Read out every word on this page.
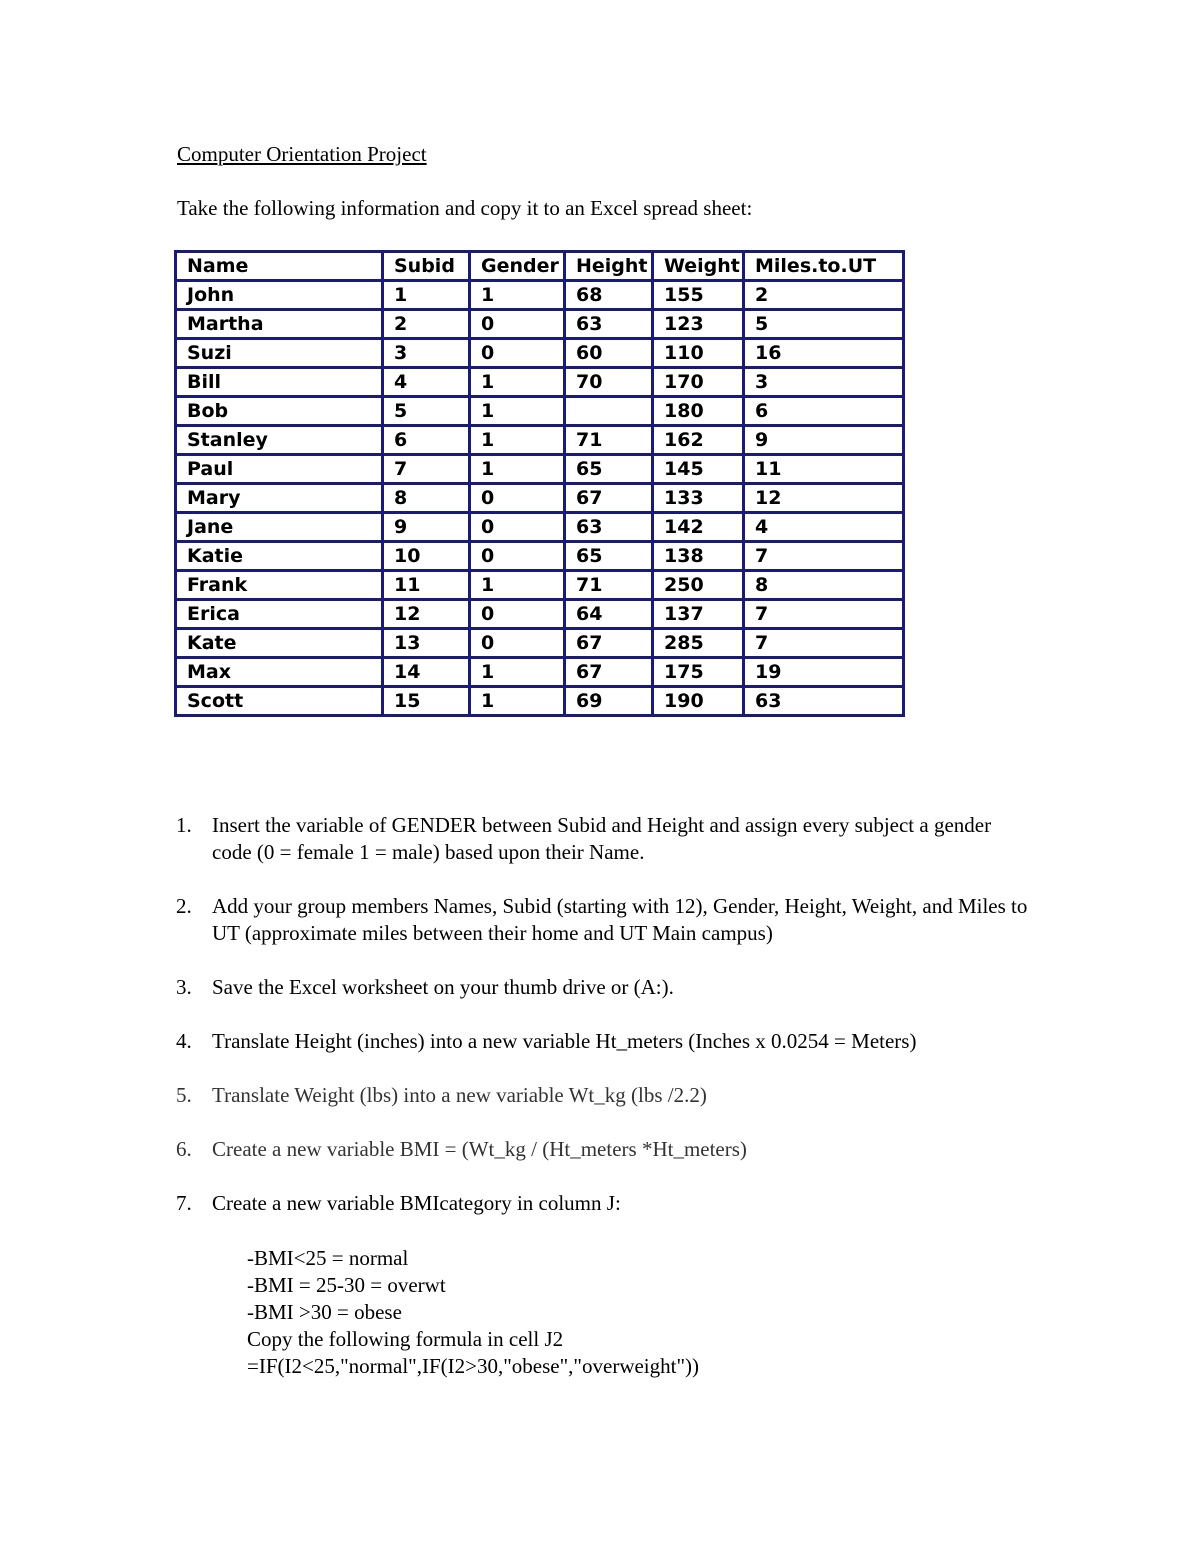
Computer Orientation Project
Take the following information and copy it to an Excel spread sheet:
Name	Subid	Gender	Height	Weight	Miles.to.UT
John	1	1	68	155	2
Martha	2	0	63	123	5
Suzi	3	0	60	110	16
Bill	4	1	70	170	3
Bob	5	1		180	6
Stanley	6	1	71	162	9
Paul	7	1	65	145	11
Mary	8	0	67	133	12
Jane	9	0	63	142	4
Katie	10	0	65	138	7
Frank	11	1	71	250	8
Erica	12	0	64	137	7
Kate	13	0	67	285	7
Max	14	1	67	175	19
Scott	15	1	69	190	63
1. Insert the variable of GENDER between Subid and Height and assign every subject a gender code (0 = female 1 = male) based upon their Name.
2. Add your group members Names, Subid (starting with 12), Gender, Height, Weight, and Miles to UT (approximate miles between their home and UT Main campus)
3. Save the Excel worksheet on your thumb drive or (A:).
4. Translate Height (inches) into a new variable Ht_meters (Inches x 0.0254 = Meters)
5. Translate Weight (lbs) into a new variable Wt_kg (lbs /2.2)
6. Create a new variable BMI = (Wt_kg / (Ht_meters *Ht_meters)
7. Create a new variable BMIcategory in column J:
-BMI<25 = normal
-BMI = 25-30 = overwt
-BMI >30 = obese
Copy the following formula in cell J2
=IF(I2<25,"normal",IF(I2>30,"obese","overweight"))
